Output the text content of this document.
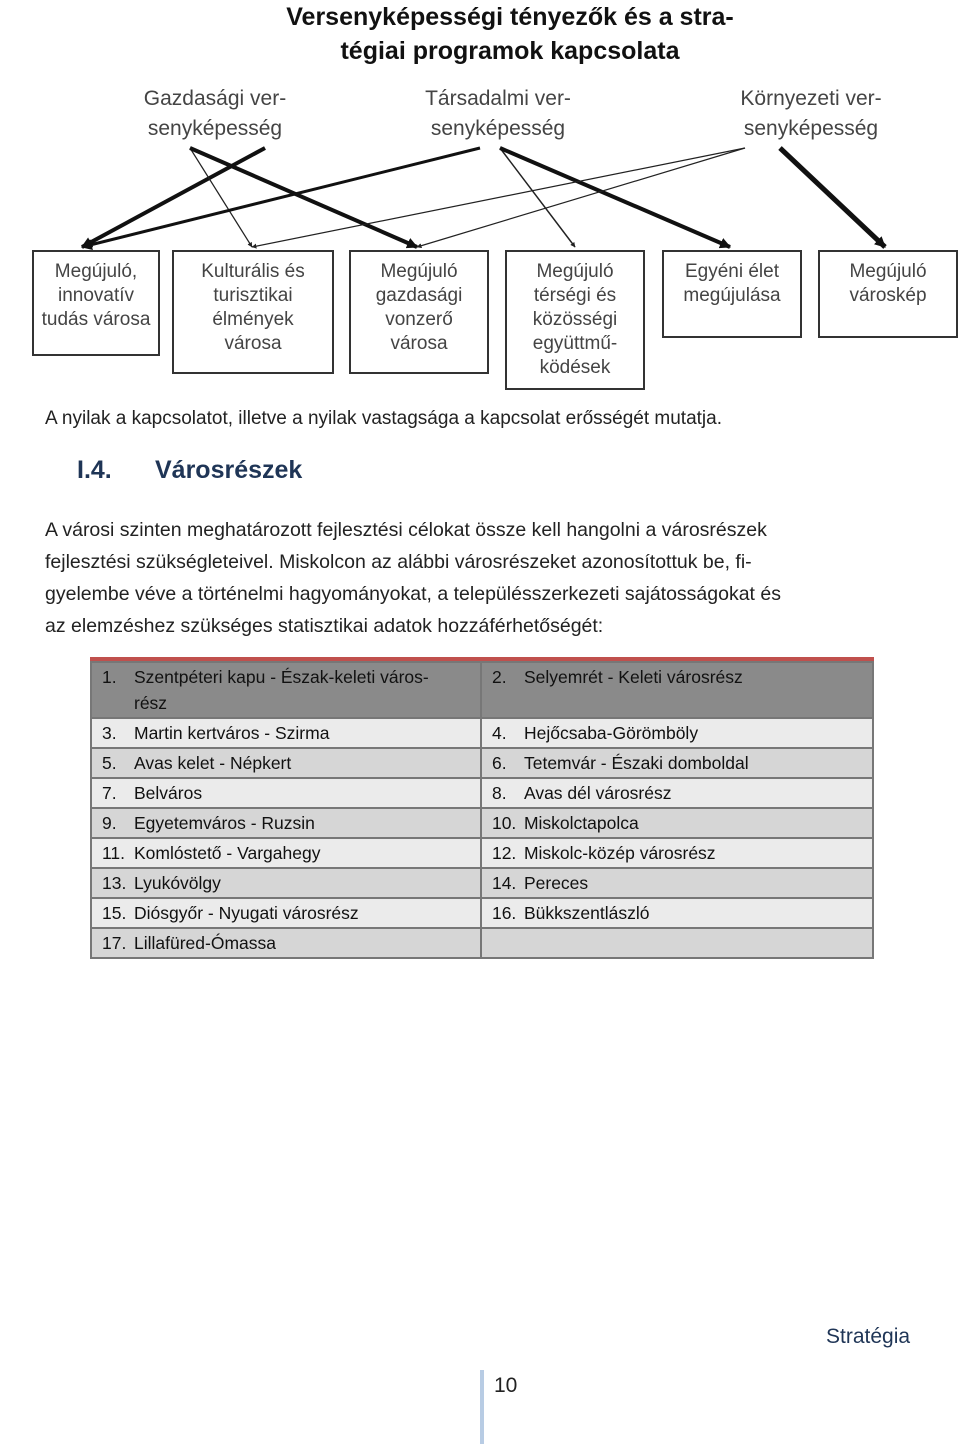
Versenyképességi tényezők és a stra-
tégiai programok kapcsolata
Gazdasági ver-
senyképesség
Társadalmi ver-
senyképesség
Környezeti ver-
senyképesség
Megújuló,
innovatív
tudás városa
Kulturális és
turisztikai
élmények
városa
Megújuló
gazdasági
vonzerő
városa
Megújuló
térségi és
közösségi
együttmű-
ködések
Egyéni élet
megújulása
Megújuló
városkép
A nyilak a kapcsolatot, illetve a nyilak vastagsága a kapcsolat erősségét mutatja.
I.4. Városrészek

A városi szinten meghatározott fejlesztési célokat össze kell hangolni a városrészek

fejlesztési szükségleteivel. Miskolcon az alábbi városrészeket azonosítottuk be, fi-

gyelembe véve a történelmi hagyományokat, a településszerkezeti sajátosságokat és

az elemzéshez szükséges statisztikai adatok hozzáférhetőségét:

1. Szentpéteri kapu - Észak-keleti város-
rész	2. Selyemrét - Keleti városrész
3. Martin kertváros - Szirma	4. Hejőcsaba-Görömböly
5. Avas kelet - Népkert	6. Tetemvár - Északi domboldal
7. Belváros	8. Avas dél városrész
9. Egyetemváros - Ruzsin	10. Miskolctapolca
11. Komlóstető - Vargahegy	12. Miskolc-közép városrész
13. Lyukóvölgy	14. Pereces
15. Diósgyőr - Nyugati városrész	16. Bükkszentlászló
17. Lillafüred-Ómassa	
Stratégia
10
